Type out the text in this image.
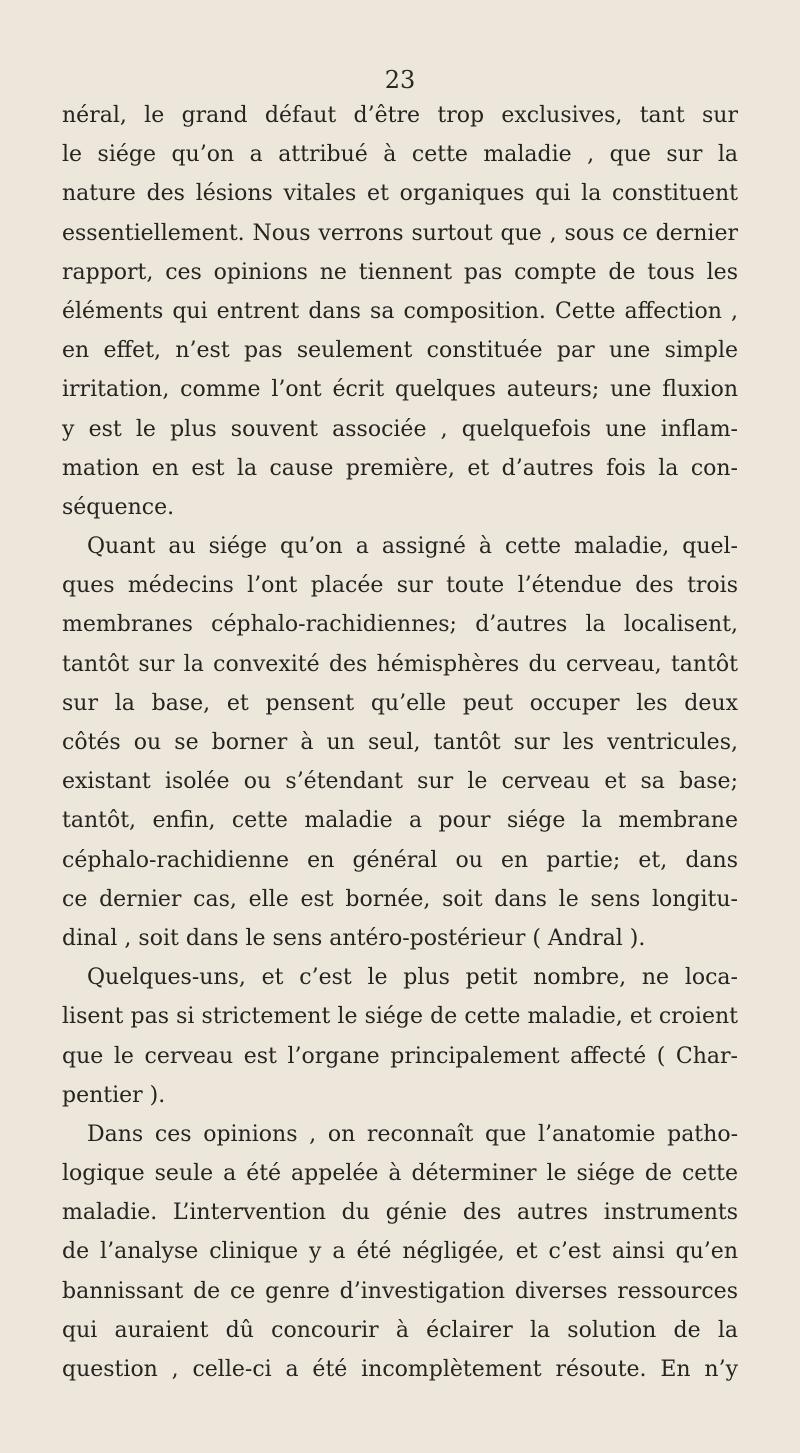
23
néral, le grand défaut d’être trop exclusives, tant sur
le siége qu’on a attribué à cette maladie , que sur la
nature des lésions vitales et organiques qui la constituent
essentiellement. Nous verrons surtout que , sous ce dernier
rapport, ces opinions ne tiennent pas compte de tous les
éléments qui entrent dans sa composition. Cette affection ,
en effet, n’est pas seulement constituée par une simple
irritation, comme l’ont écrit quelques auteurs; une fluxion
y est le plus souvent associée , quelquefois une inflam-
mation en est la cause première, et d’autres fois la con-
séquence.
Quant au siége qu’on a assigné à cette maladie, quel-
ques médecins l’ont placée sur toute l’étendue des trois
membranes céphalo-rachidiennes; d’autres la localisent,
tantôt sur la convexité des hémisphères du cerveau, tantôt
sur la base, et pensent qu’elle peut occuper les deux
côtés ou se borner à un seul, tantôt sur les ventricules,
existant isolée ou s’étendant sur le cerveau et sa base;
tantôt, enfin, cette maladie a pour siége la membrane
céphalo-rachidienne en général ou en partie; et, dans
ce dernier cas, elle est bornée, soit dans le sens longitu-
dinal , soit dans le sens antéro-postérieur ( Andral ).
Quelques-uns, et c’est le plus petit nombre, ne loca-
lisent pas si strictement le siége de cette maladie, et croient
que le cerveau est l’organe principalement affecté ( Char-
pentier ).
Dans ces opinions , on reconnaît que l’anatomie patho-
logique seule a été appelée à déterminer le siége de cette
maladie. L’intervention du génie des autres instruments
de l’analyse clinique y a été négligée, et c’est ainsi qu’en
bannissant de ce genre d’investigation diverses ressources
qui auraient dû concourir à éclairer la solution de la
question , celle-ci a été incomplètement résoute. En n’y
